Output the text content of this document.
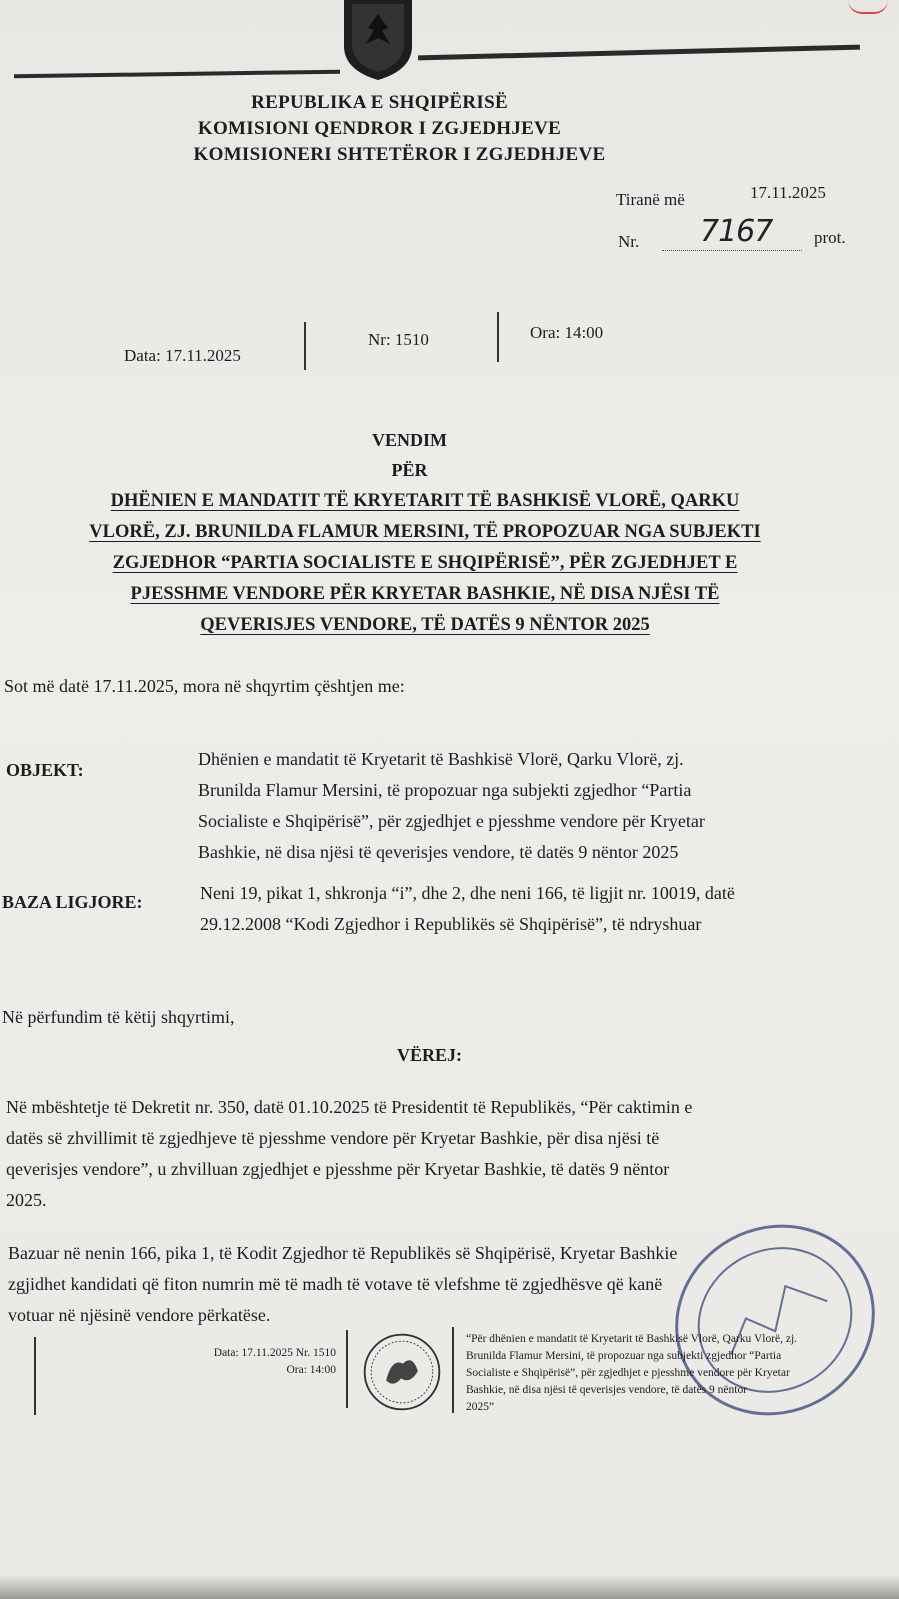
REPUBLIKA E SHQIPËRISË
KOMISIONI QENDROR I ZGJEDHJEVE
KOMISIONERI SHTETËROR I ZGJEDHJEVE
Tiranë më	17.11.2025
Nr. 7167 prot.
Data: 17.11.2025
Nr: 1510	Ora: 14:00
VENDIM
PËR
DHËNIEN E MANDATIT TË KRYETARIT TË BASHKISË VLORË, QARKU
VLORË, ZJ. BRUNILDA FLAMUR MERSINI, TË PROPOZUAR NGA SUBJEKTI
ZGJEDHOR “PARTIA SOCIALISTE E SHQIPËRISË”, PËR ZGJEDHJET E
PJESSHME VENDORE PËR KRYETAR BASHKIE, NË DISA NJËSI TË
QEVERISJES VENDORE, TË DATËS 9 NËNTOR 2025
Sot më datë 17.11.2025, mora në shqyrtim çështjen me:
OBJEKT:
Dhënien e mandatit të Kryetarit të Bashkisë Vlorë, Qarku Vlorë, zj.
Brunilda Flamur Mersini, të propozuar nga subjekti zgjedhor “Partia
Socialiste e Shqipërisë”, për zgjedhjet e pjesshme vendore për Kryetar
Bashkie, në disa njësi të qeverisjes vendore, të datës 9 nëntor 2025
BAZA LIGJORE:	Neni 19, pikat 1, shkronja “i”, dhe 2, dhe neni 166, të ligjit nr. 10019, datë
29.12.2008 “Kodi Zgjedhor i Republikës së Shqipërisë”, të ndryshuar
Në përfundim të këtij shqyrtimi,
VËREJ:
Në mbështetje të Dekretit nr. 350, datë 01.10.2025 të Presidentit të Republikës, “Për caktimin e
datës së zhvillimit të zgjedhjeve të pjesshme vendore për Kryetar Bashkie, për disa njësi të
qeverisjes vendore”, u zhvilluan zgjedhjet e pjesshme për Kryetar Bashkie, të datës 9 nëntor
2025.
Bazuar në nenin 166, pika 1, të Kodit Zgjedhor të Republikës së Shqipërisë, Kryetar Bashkie
zgjidhet kandidati që fiton numrin më të madh të votave të vlefshme të zgjedhësve që kanë
votuar në njësinë vendore përkatëse.
Data: 17.11.2025 Nr. 1510
Ora: 14:00
“Për dhënien e mandatit të Kryetarit të Bashkisë Vlorë, Qarku Vlorë, zj.
Brunilda Flamur Mersini, të propozuar nga subjekti zgjedhor “Partia
Socialiste e Shqipërisë”, për zgjedhjet e pjesshme vendore për Kryetar
Bashkie, në disa njësi të qeverisjes vendore, të datës 9 nëntor
2025”
